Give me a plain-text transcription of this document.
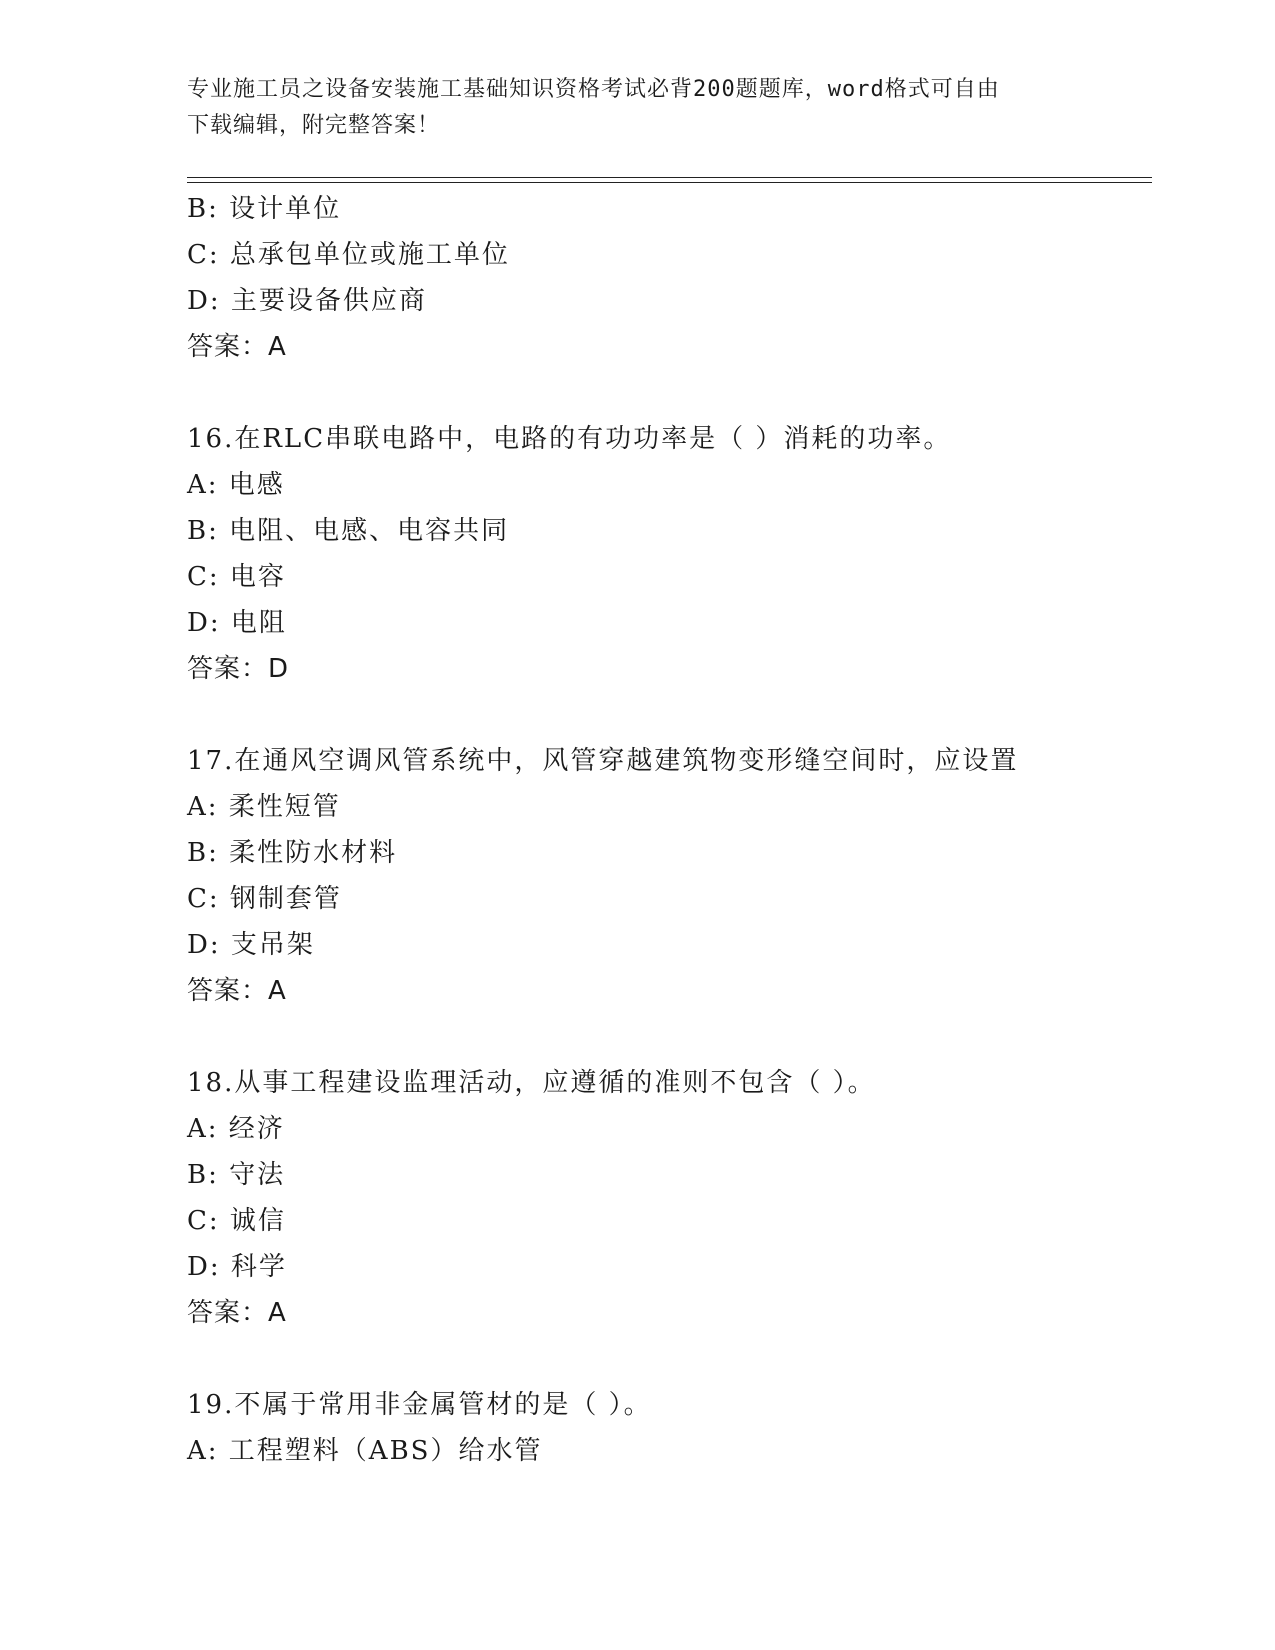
专业施工员之设备安装施工基础知识资格考试必背200题题库，word格式可自由
下载编辑，附完整答案！
B: 设计单位
C: 总承包单位或施工单位
D: 主要设备供应商
答案：A
16.在RLC串联电路中，电路的有功功率是（ ）消耗的功率。
A: 电感
B: 电阻、电感、电容共同
C: 电容
D: 电阻
答案：D
17.在通风空调风管系统中，风管穿越建筑物变形缝空间时，应设置
A: 柔性短管
B: 柔性防水材料
C: 钢制套管
D: 支吊架
答案：A
18.从事工程建设监理活动，应遵循的准则不包含（ ）。
A: 经济
B: 守法
C: 诚信
D: 科学
答案：A
19.不属于常用非金属管材的是（ ）。
A: 工程塑料（ABS）给水管
